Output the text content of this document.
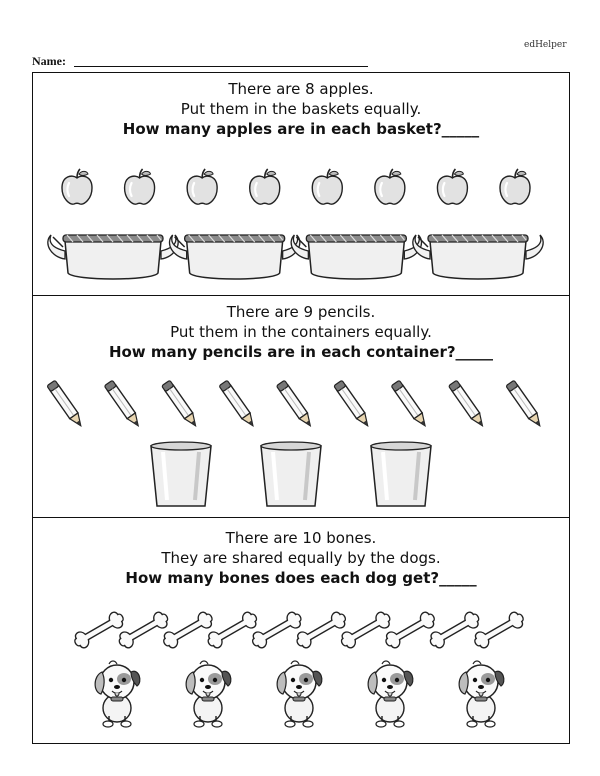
edHelper
Name:
There are 8 apples.
Put them in the baskets equally.
How many apples are in each basket?_____
There are 9 pencils.
Put them in the containers equally.
How many pencils are in each container?_____
There are 10 bones.
They are shared equally by the dogs.
How many bones does each dog get?_____
